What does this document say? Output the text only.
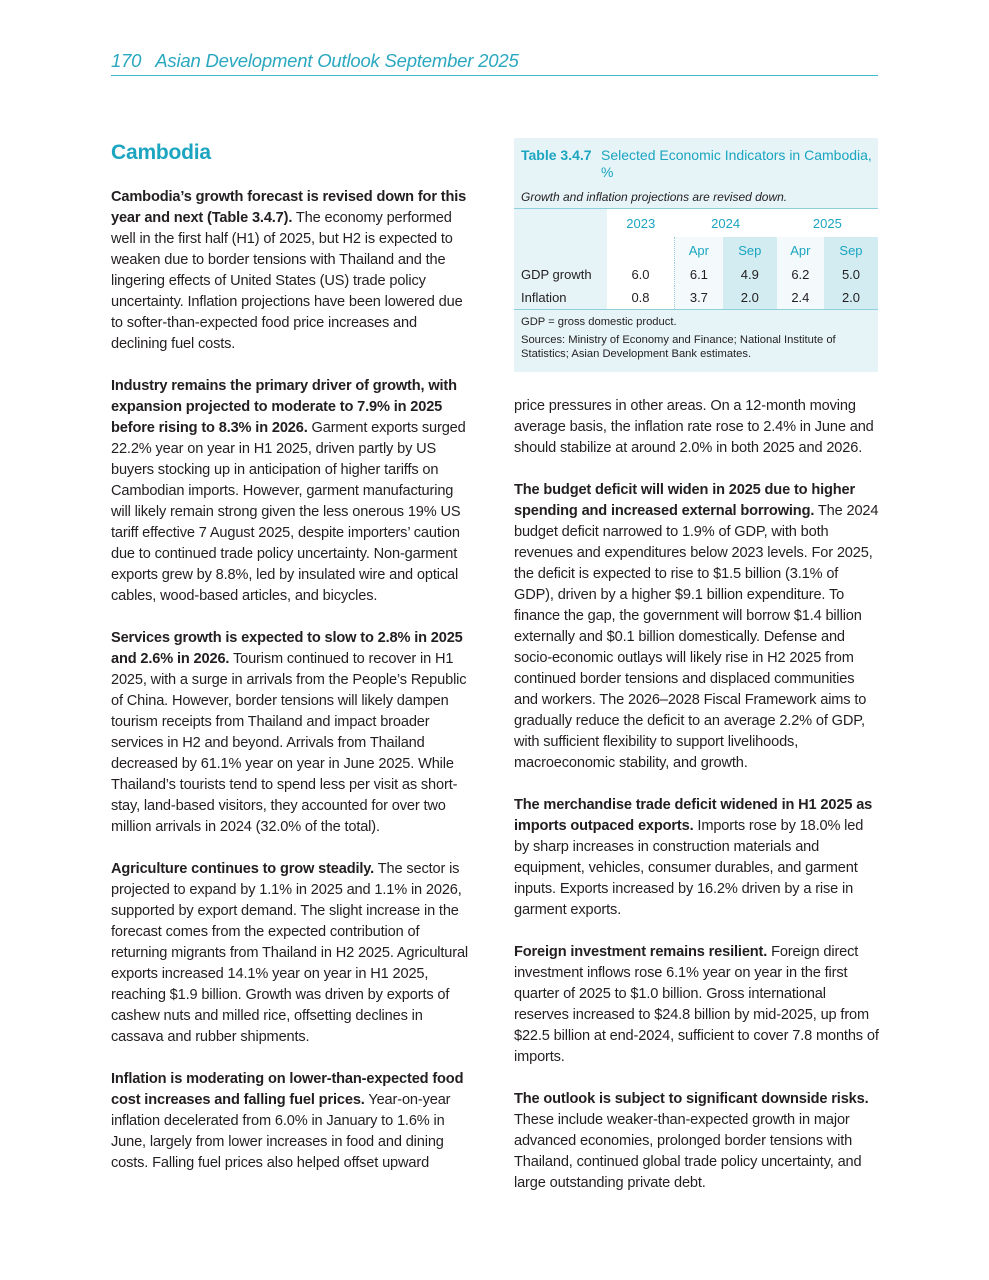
170 Asian Development Outlook September 2025
Cambodia

Cambodia’s growth forecast is revised down for this year and next (Table 3.4.7). The economy performed well in the first half (H1) of 2025, but H2 is expected to weaken due to border tensions with Thailand and the lingering effects of United States (US) trade policy uncertainty. Inflation projections have been lowered due to softer-than-expected food price increases and declining fuel costs.

Industry remains the primary driver of growth, with expansion projected to moderate to 7.9% in 2025 before rising to 8.3% in 2026. Garment exports surged 22.2% year on year in H1 2025, driven partly by US buyers stocking up in anticipation of higher tariffs on Cambodian imports. However, garment manufacturing will likely remain strong given the less onerous 19% US tariff effective 7 August 2025, despite importers’ caution due to continued trade policy uncertainty. Non-garment exports grew by 8.8%, led by insulated wire and optical cables, wood-based articles, and bicycles.

Services growth is expected to slow to 2.8% in 2025 and 2.6% in 2026. Tourism continued to recover in H1 2025, with a surge in arrivals from the People’s Republic of China. However, border tensions will likely dampen tourism receipts from Thailand and impact broader services in H2 and beyond. Arrivals from Thailand decreased by 61.1% year on year in June 2025. While Thailand’s tourists tend to spend less per visit as short-stay, land-based visitors, they accounted for over two million arrivals in 2024 (32.0% of the total).

Agriculture continues to grow steadily. The sector is projected to expand by 1.1% in 2025 and 1.1% in 2026, supported by export demand. The slight increase in the forecast comes from the expected contribution of returning migrants from Thailand in H2 2025. Agricultural exports increased 14.1% year on year in H1 2025, reaching $1.9 billion. Growth was driven by exports of cashew nuts and milled rice, offsetting declines in cassava and rubber shipments.

Inflation is moderating on lower-than-expected food cost increases and falling fuel prices. Year-on-year inflation decelerated from 6.0% in January to 1.6% in June, largely from lower increases in food and dining costs. Falling fuel prices also helped offset upward

Table 3.4.7 Selected Economic Indicators in Cambodia, %
Growth and inflation projections are revised down.
	2023	2024		2025	
		Apr	Sep	Apr	Sep
GDP growth	6.0	6.1	4.9	6.2	5.0
Inflation	0.8	3.7	2.0	2.4	2.0
GDP = gross domestic product.
Sources: Ministry of Economy and Finance; National Institute of Statistics; Asian Development Bank estimates.

price pressures in other areas. On a 12-month moving average basis, the inflation rate rose to 2.4% in June and should stabilize at around 2.0% in both 2025 and 2026.

The budget deficit will widen in 2025 due to higher spending and increased external borrowing. The 2024 budget deficit narrowed to 1.9% of GDP, with both revenues and expenditures below 2023 levels. For 2025, the deficit is expected to rise to $1.5 billion (3.1% of GDP), driven by a higher $9.1 billion expenditure. To finance the gap, the government will borrow $1.4 billion externally and $0.1 billion domestically. Defense and socio-economic outlays will likely rise in H2 2025 from continued border tensions and displaced communities and workers. The 2026–2028 Fiscal Framework aims to gradually reduce the deficit to an average 2.2% of GDP, with sufficient flexibility to support livelihoods, macroeconomic stability, and growth.

The merchandise trade deficit widened in H1 2025 as imports outpaced exports. Imports rose by 18.0% led by sharp increases in construction materials and equipment, vehicles, consumer durables, and garment inputs. Exports increased by 16.2% driven by a rise in garment exports.

Foreign investment remains resilient. Foreign direct investment inflows rose 6.1% year on year in the first quarter of 2025 to $1.0 billion. Gross international reserves increased to $24.8 billion by mid-2025, up from $22.5 billion at end-2024, sufficient to cover 7.8 months of imports.

The outlook is subject to significant downside risks. These include weaker-than-expected growth in major advanced economies, prolonged border tensions with Thailand, continued global trade policy uncertainty, and large outstanding private debt.
